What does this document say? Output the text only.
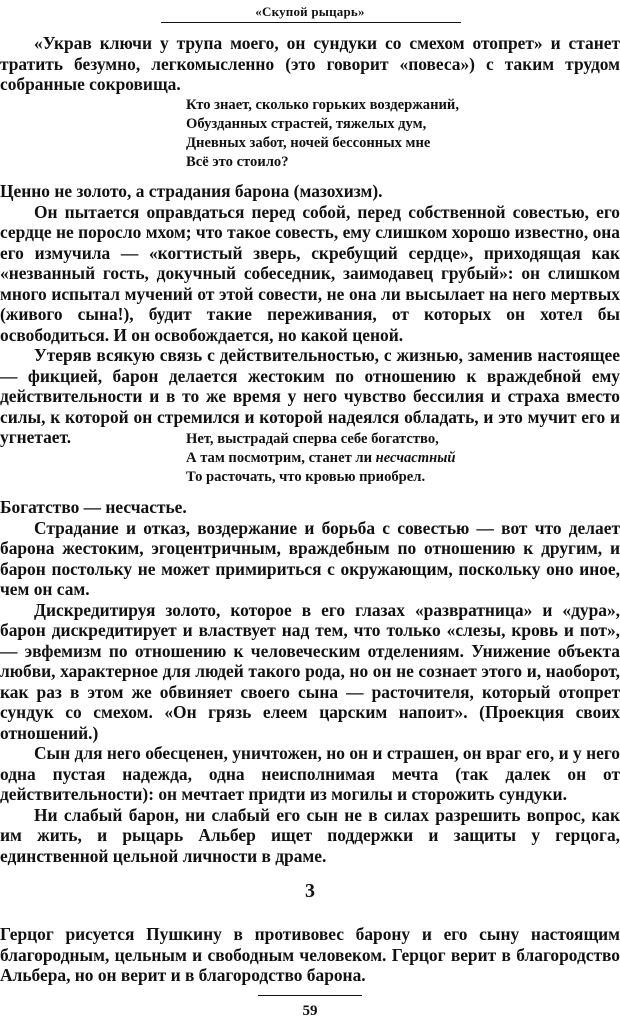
«Скупой рыцарь»

«Украв ключи у трупа моего, он сундуки со смехом отопрет» и станет тратить безумно, легкомысленно (это говорит «повеса») с таким трудом собранные сокровища.

Кто знает, сколько горьких воздержаний,
Обузданных страстей, тяжелых дум,
Дневных забот, ночей бессонных мне
Всё это стоило?

Ценно не золото, а страдания барона (мазохизм).

Он пытается оправдаться перед собой, перед собственной совестью, его сердце не поросло мхом; что такое совесть, ему слишком хорошо известно, она его измучила — «когтистый зверь, скребущий сердце», приходящая как «незванный гость, докучный собеседник, заимодавец грубый»: он слишком много испытал мучений от этой совести, не она ли высылает на него мертвых (живого сына!), будит такие переживания, от которых он хотел бы освободиться. И он освобождается, но какой ценой.

Утеряв всякую связь с действительностью, с жизнью, заменив настоящее — фикцией, барон делается жестоким по отношению к враждебной ему действительности и в то же время у него чувство бессилия и страха вместо силы, к которой он стремился и которой надеялся обладать, и это мучит его и угнетает.	Нет, выстрадай сперва себе богатство,
А там посмотрим, станет ли несчастный
То расточать, что кровью приобрел.

Богатство — несчастье.

Страдание и отказ, воздержание и борьба с совестью — вот что делает барона жестоким, эгоцентричным, враждебным по отношению к другим, и барон постольку не может примириться с окружающим, поскольку оно иное, чем он сам.

Дискредитируя золото, которое в его глазах «развратница» и «дура», барон дискредитирует и властвует над тем, что только «слезы, кровь и пот», — эвфемизм по отношению к человеческим отделениям. Унижение объекта любви, характерное для людей такого рода, но он не сознает этого и, наоборот, как раз в этом же обвиняет своего сына — расточителя, который отопрет сундук со смехом. «Он грязь елеем царским напоит». (Проекция своих отношений.)

Сын для него обесценен, уничтожен, но он и страшен, он враг его, и у него одна пустая надежда, одна неисполнимая мечта (так далек он от действительности): он мечтает придти из могилы и сторожить сундуки.

Ни слабый барон, ни слабый его сын не в силах разрешить вопрос, как им жить, и рыцарь Альбер ищет поддержки и защиты у герцога, единственной цельной личности в драме.

3

Герцог рисуется Пушкину в противовес барону и его сыну настоящим благородным, цельным и свободным человеком. Герцог верит в благородство Альбера, но он верит и в благородство барона.

59
